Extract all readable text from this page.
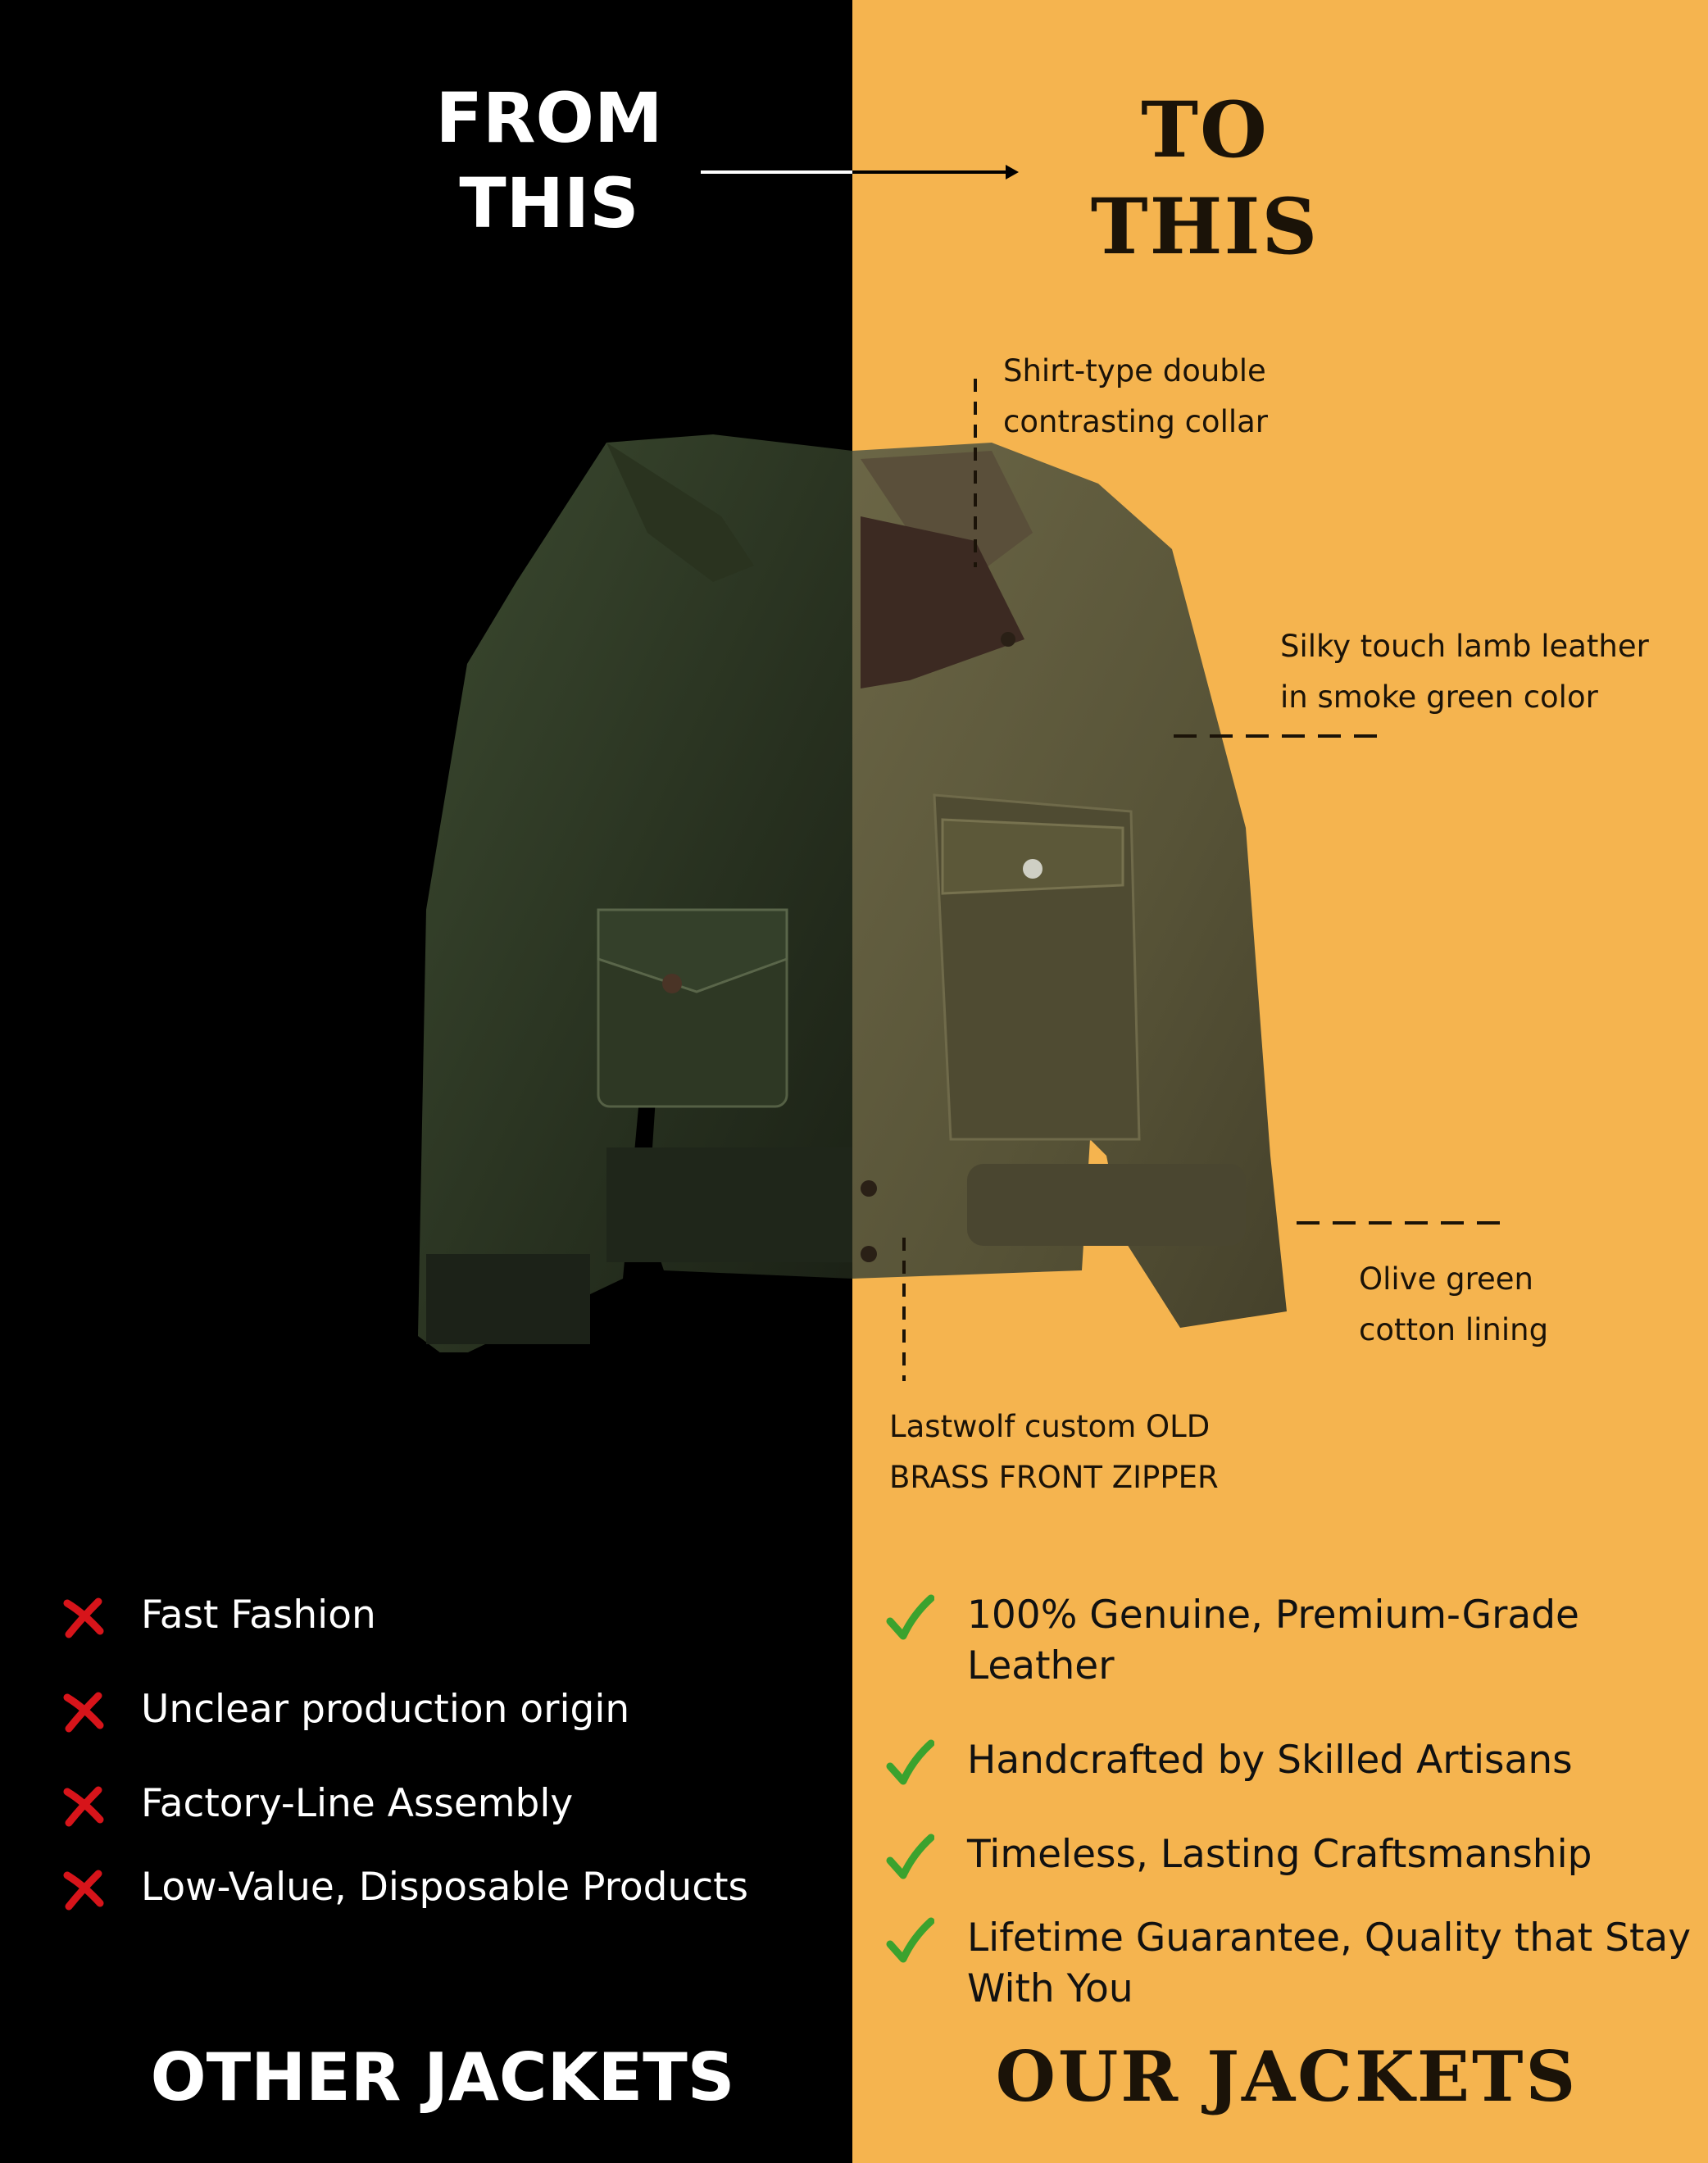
FROM
THIS
TO
THIS
Shirt-type double
contrasting collar
Silky touch lamb leather
in smoke green color
Olive green
cotton lining
Lastwolf custom OLD
BRASS FRONT ZIPPER
Fast Fashion
Unclear production origin
Factory-Line Assembly
Low-Value, Disposable Products
100% Genuine, Premium-Grade Leather
Handcrafted by Skilled Artisans
Timeless, Lasting Craftsmanship
Lifetime Guarantee, Quality that Stay With You
OTHER JACKETS	OUR JACKETS
